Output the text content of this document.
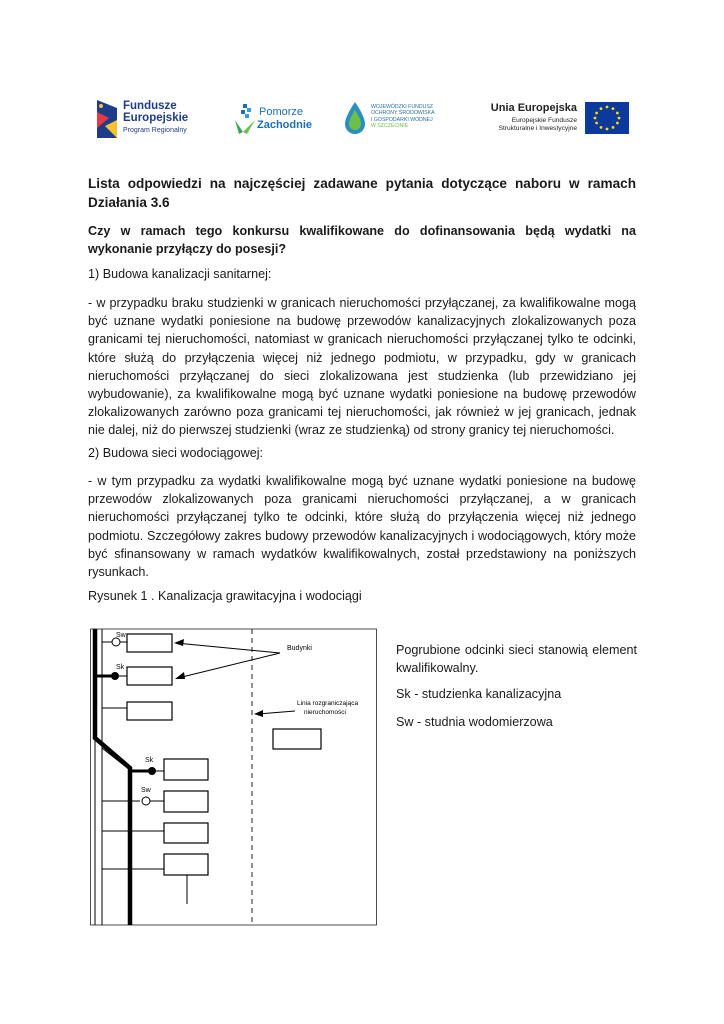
Fundusze
Europejskie
Program Regionalny
Pomorze
Zachodnie
WOJEWÓDZKI FUNDUSZ
OCHRONY ŚRODOWISKA
I GOSPODARKI WODNEJ
W SZCZECINIE
Unia Europejska
Europejskie Fundusze
Strukturalne i Inwestycyjne
Lista odpowiedzi na najczęściej zadawane pytania dotyczące naboru w ramach Działania 3.6
Czy w ramach tego konkursu kwalifikowane do dofinansowania będą wydatki na wykonanie przyłączy do posesji?

1) Budowa kanalizacji sanitarnej:

- w przypadku braku studzienki w granicach nieruchomości przyłączanej, za kwalifikowalne mogą być uznane wydatki poniesione na budowę przewodów kanalizacyjnych zlokalizowanych poza granicami tej nieruchomości, natomiast w granicach nieruchomości przyłączanej tylko te odcinki, które służą do przyłączenia więcej niż jednego podmiotu, w przypadku, gdy w granicach nieruchomości przyłączanej do sieci zlokalizowana jest studzienka (lub przewidziano jej wybudowanie), za kwalifikowalne mogą być uznane wydatki poniesione na budowę przewodów zlokalizowanych zarówno poza granicami tej nieruchomości, jak również w jej granicach, jednak nie dalej, niż do pierwszej studzienki (wraz ze studzienką) od strony granicy tej nieruchomości.

2) Budowa sieci wodociągowej:

- w tym przypadku za wydatki kwalifikowalne mogą być uznane wydatki poniesione na budowę przewodów zlokalizowanych poza granicami nieruchomości przyłączanej, a w granicach nieruchomości przyłączanej tylko te odcinki, które służą do przyłączenia więcej niż jednego podmiotu. Szczegółowy zakres budowy przewodów kanalizacyjnych i wodociągowych, który może być sfinansowany w ramach wydatków kwalifikowalnych, został przedstawiony na poniższych rysunkach.

Rysunek 1 . Kanalizacja grawitacyjna i wodociągi

Sw
Sk
Budynki
Linia rozgraniczająca
nieruchomości
Sk
Sw

Pogrubione odcinki sieci stanowią element kwalifikowalny.

Sk - studzienka kanalizacyjna

Sw - studnia wodomierzowa
